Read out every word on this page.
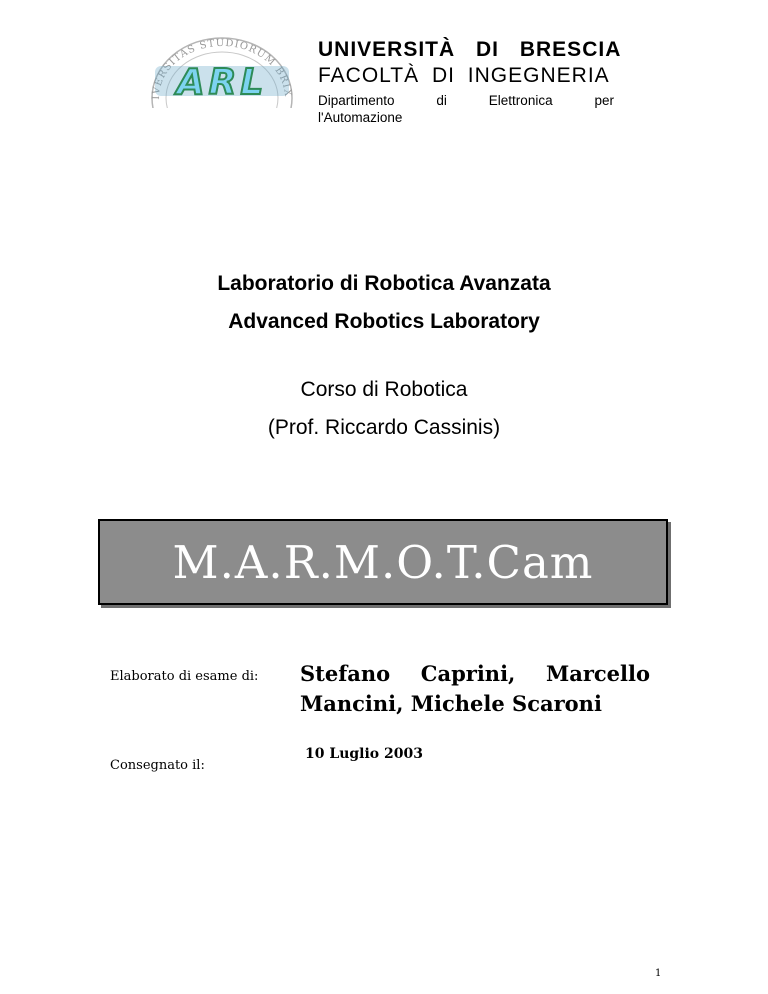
IVERSITAS STUDIORUM BRIX
ARL
UNIVERSITÀ DI BRESCIA
FACOLTÀ DI INGEGNERIA
Dipartimento	di	Elettronica	per
l'Automazione
Laboratorio di Robotica Avanzata
Advanced Robotics Laboratory
Corso di Robotica
(Prof. Riccardo Cassinis)
M.A.R.M.O.T.Cam
Elaborato di esame di: Stefano Caprini, Marcello Mancini, Michele Scaroni
Consegnato il:
10 Luglio 2003
1
